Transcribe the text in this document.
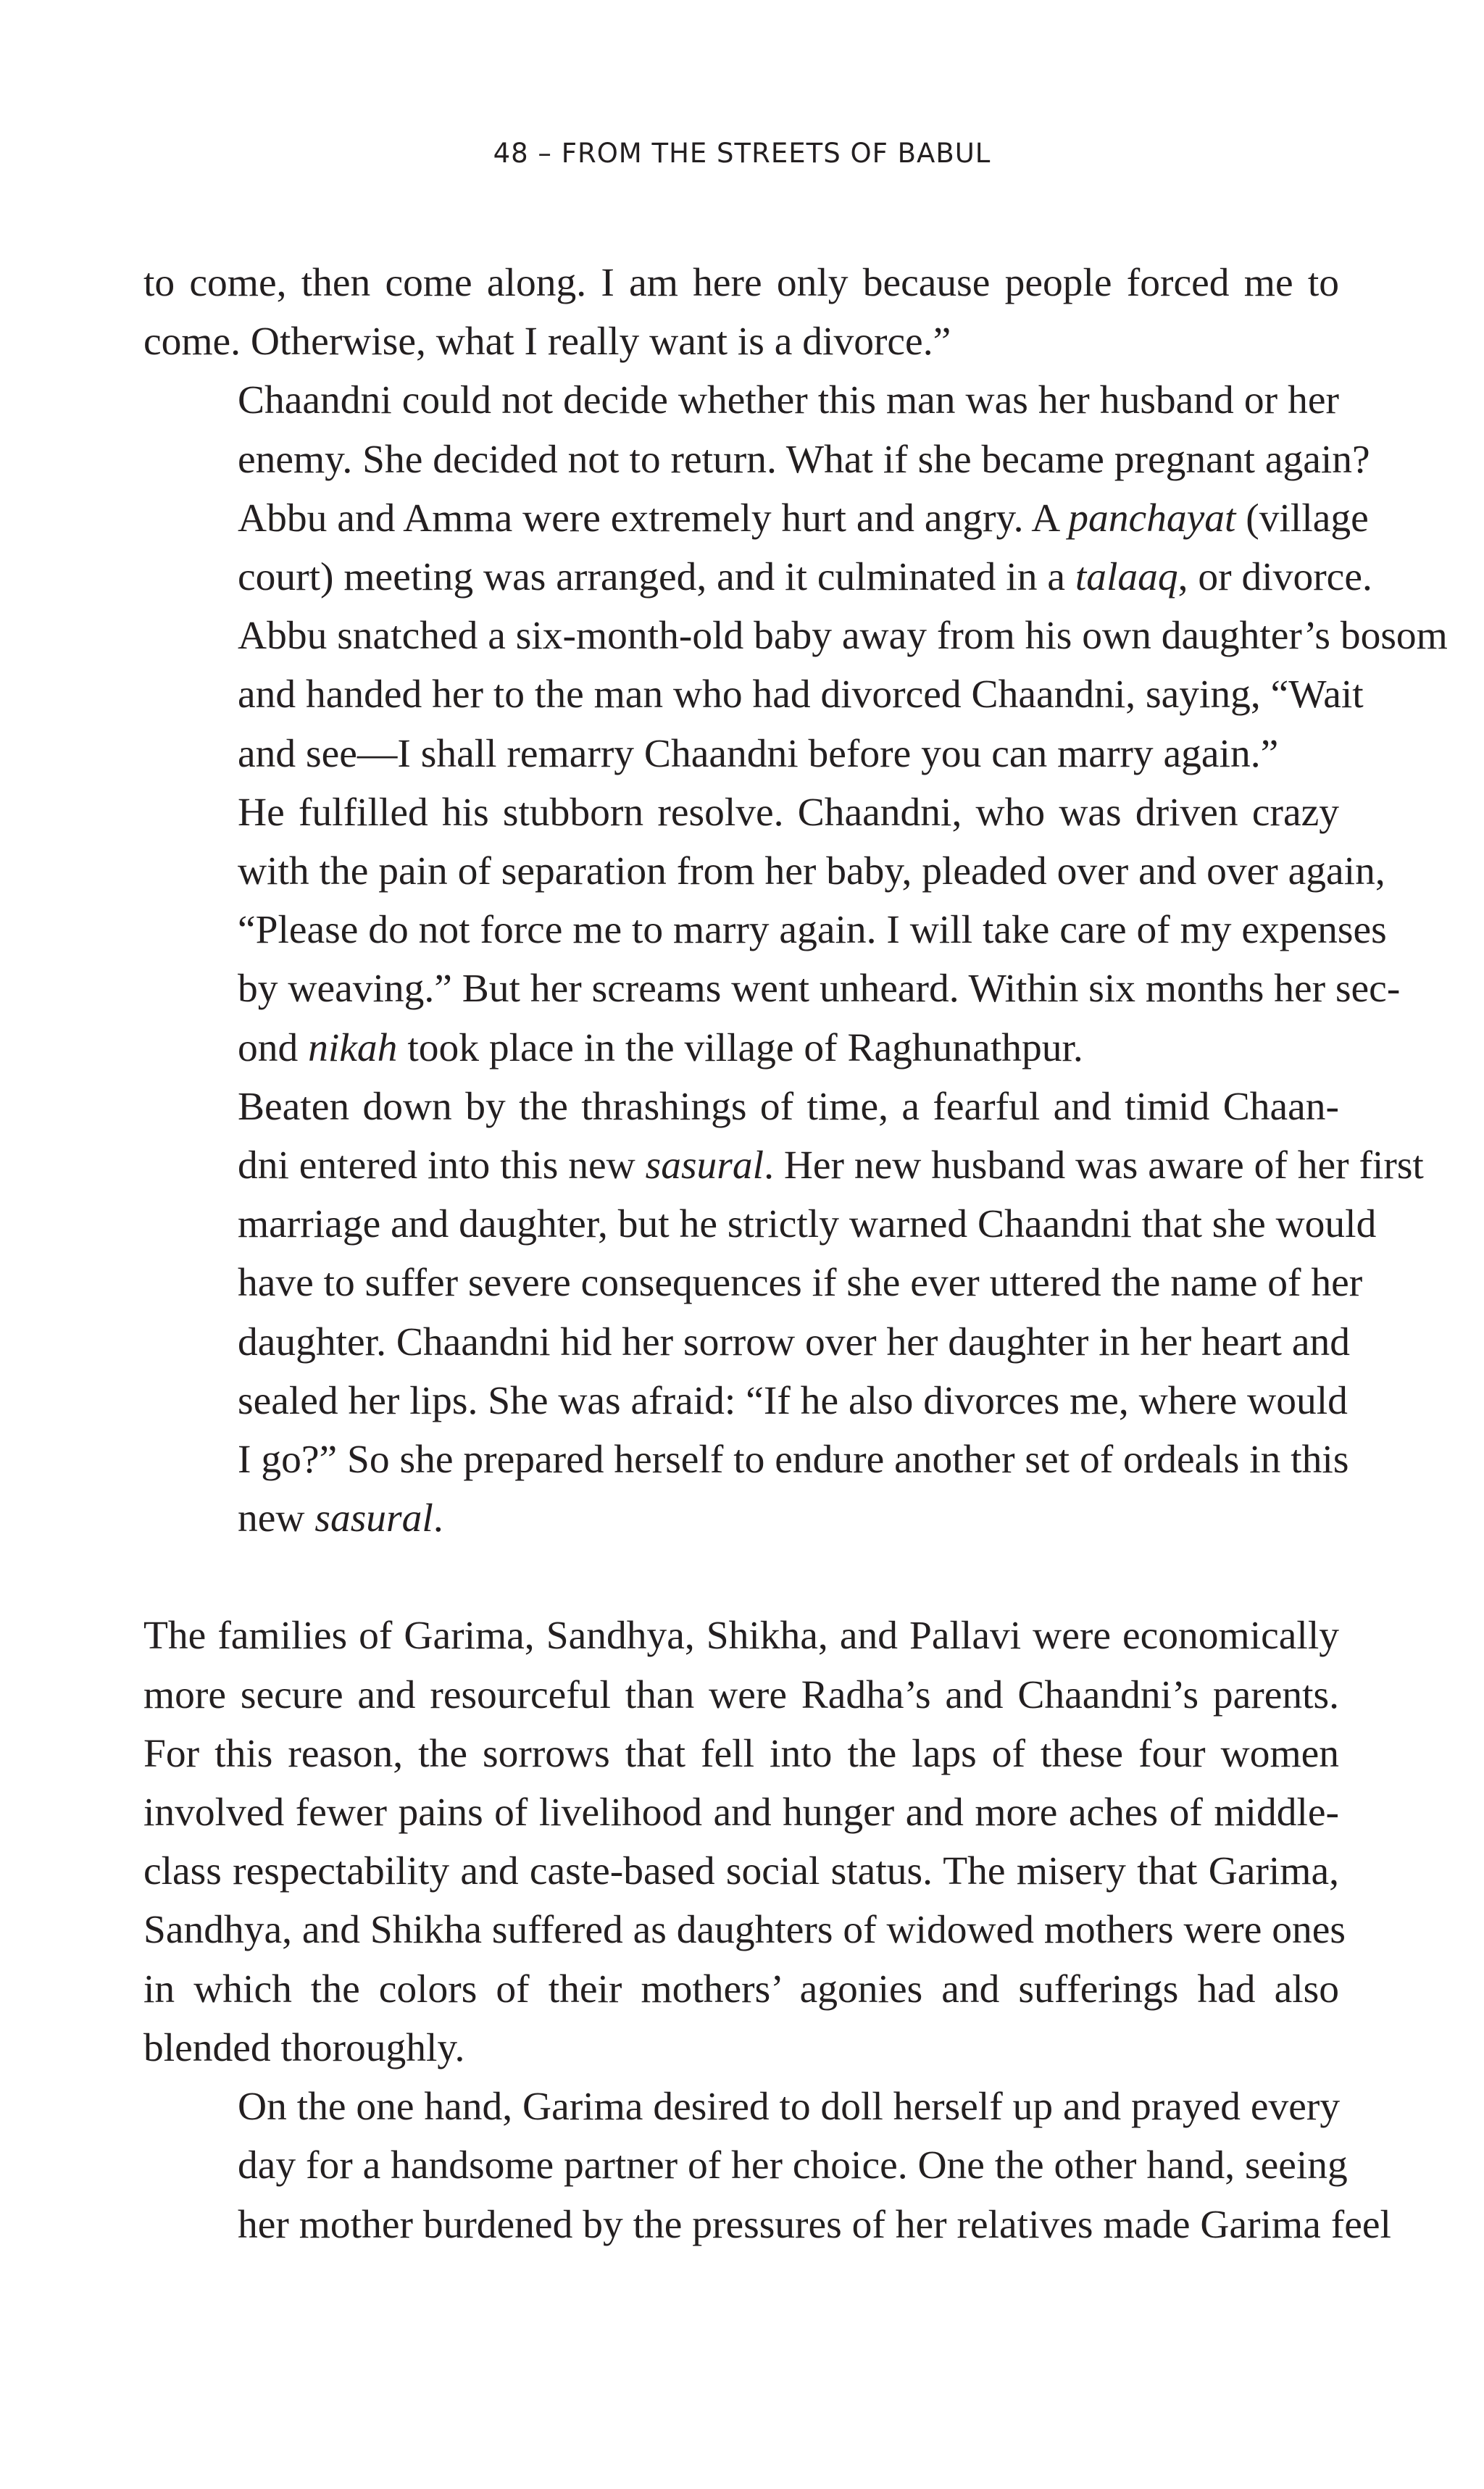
48 – FROM THE STREETS OF BABUL

to come, then come along. I am here only because people forced me to
come. Otherwise, what I really want is a divorce.”

Chaandni could not decide whether this man was her husband or her
enemy. She decided not to return. What if she became pregnant again?

Abbu and Amma were extremely hurt and angry. A panchayat (village
court) meeting was arranged, and it culminated in a talaaq, or divorce.
Abbu snatched a six-month-old baby away from his own daughter’s bosom
and handed her to the man who had divorced Chaandni, saying, “Wait
and see—I shall remarry Chaandni before you can marry again.”

He fulfilled his stubborn resolve. Chaandni, who was driven crazy
with the pain of separation from her baby, pleaded over and over again,
“Please do not force me to marry again. I will take care of my expenses
by weaving.” But her screams went unheard. Within six months her sec-
ond nikah took place in the village of Raghunathpur.

Beaten down by the thrashings of time, a fearful and timid Chaan-
dni entered into this new sasural. Her new husband was aware of her first
marriage and daughter, but he strictly warned Chaandni that she would
have to suffer severe consequences if she ever uttered the name of her
daughter. Chaandni hid her sorrow over her daughter in her heart and
sealed her lips. She was afraid: “If he also divorces me, where would
I go?” So she prepared herself to endure another set of ordeals in this
new sasural.

The families of Garima, Sandhya, Shikha, and Pallavi were economically
more secure and resourceful than were Radha’s and Chaandni’s parents.
For this reason, the sorrows that fell into the laps of these four women
involved fewer pains of livelihood and hunger and more aches of middle-
class respectability and caste-based social status. The misery that Garima,
Sandhya, and Shikha suffered as daughters of widowed mothers were ones
in which the colors of their mothers’ agonies and sufferings had also
blended thoroughly.

On the one hand, Garima desired to doll herself up and prayed every
day for a handsome partner of her choice. One the other hand, seeing
her mother burdened by the pressures of her relatives made Garima feel
